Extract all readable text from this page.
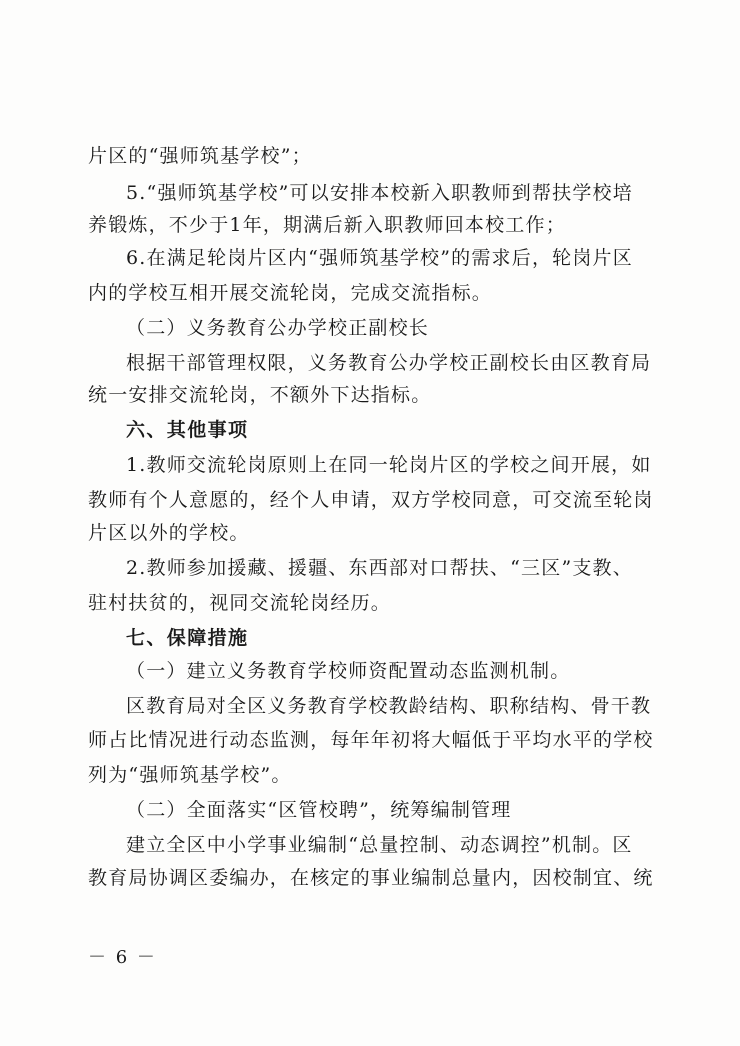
片区的“强师筑基学校”；
5.“强师筑基学校”可以安排本校新入职教师到帮扶学校培
养锻炼，不少于1年，期满后新入职教师回本校工作；
6.在满足轮岗片区内“强师筑基学校”的需求后，轮岗片区
内的学校互相开展交流轮岗，完成交流指标。
（二）义务教育公办学校正副校长
根据干部管理权限，义务教育公办学校正副校长由区教育局
统一安排交流轮岗，不额外下达指标。
六、其他事项
1.教师交流轮岗原则上在同一轮岗片区的学校之间开展，如
教师有个人意愿的，经个人申请，双方学校同意，可交流至轮岗
片区以外的学校。
2.教师参加援藏、援疆、东西部对口帮扶、“三区”支教、
驻村扶贫的，视同交流轮岗经历。
七、保障措施
（一）建立义务教育学校师资配置动态监测机制。
区教育局对全区义务教育学校教龄结构、职称结构、骨干教
师占比情况进行动态监测，每年年初将大幅低于平均水平的学校
列为“强师筑基学校”。
（二）全面落实“区管校聘”，统筹编制管理
建立全区中小学事业编制“总量控制、动态调控”机制。区
教育局协调区委编办，在核定的事业编制总量内，因校制宜、统
－ 6 －
